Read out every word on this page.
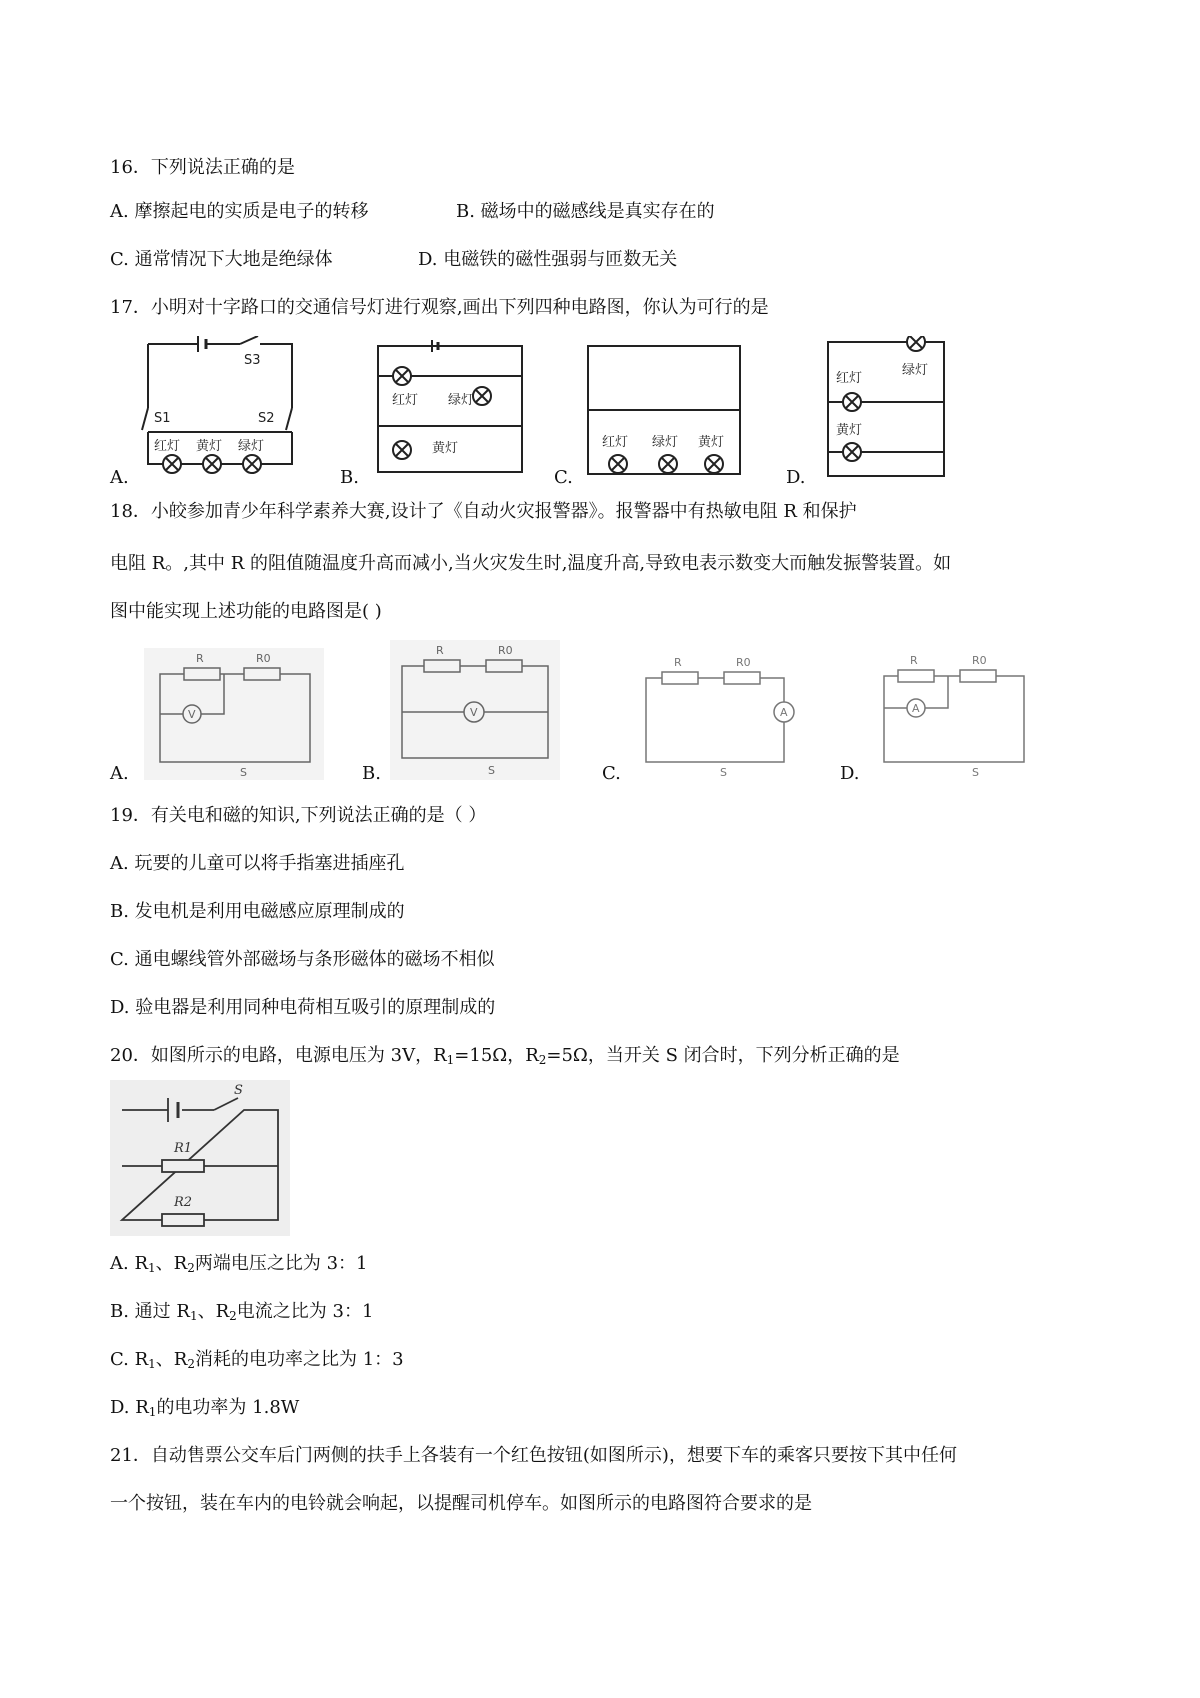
16．下列说法正确的是
A. 摩擦起电的实质是电子的转移	B. 磁场中的磁感线是真实存在的
C. 通常情况下大地是绝绿体	D. 电磁铁的磁性强弱与匝数无关
17．小明对十字路口的交通信号灯进行观察,画出下列四种电路图，你认为可行的是
A.
S3
S1	S2
红灯 黄灯 绿灯
B.
红灯 绿灯
黄灯
C.
红灯 绿灯 黄灯
D.
红灯
绿灯
黄灯
18．小皎参加青少年科学素养大赛,设计了《自动火灾报警器》。报警器中有热敏电阻 R 和保护
电阻 R。,其中 R 的阻值随温度升高而减小,当火灾发生时,温度升高,导致电表示数变大而触发振警装置。如
图中能实现上述功能的电路图是( )
A.
R	R0
V
S	B.
R	R0
V
S	C.
R	R0
A
S	D.
R	R0
A
S
19．有关电和磁的知识,下列说法正确的是（ ）
A. 玩要的儿童可以将手指塞进插座孔
B. 发电机是利用电磁感应原理制成的
C. 通电螺线管外部磁场与条形磁体的磁场不相似
D. 验电器是利用同种电荷相互吸引的原理制成的
20．如图所示的电路，电源电压为 3V，$R_1=15\Omega$，$R_2=5\Omega$，当开关 S 闭合时，下列分析正确的是
S
R1
R2
A. $R_1$、$R_2$两端电压之比为 3：1
B. 通过 $R_1$、$R_2$电流之比为 3：1
C. $R_1$、$R_2$消耗的电功率之比为 1：3
D. $R_1$的电功率为 1.8W
21．自动售票公交车后门两侧的扶手上各装有一个红色按钮(如图所示)，想要下车的乘客只要按下其中任何
一个按钮，装在车内的电铃就会响起，以提醒司机停车。如图所示的电路图符合要求的是
